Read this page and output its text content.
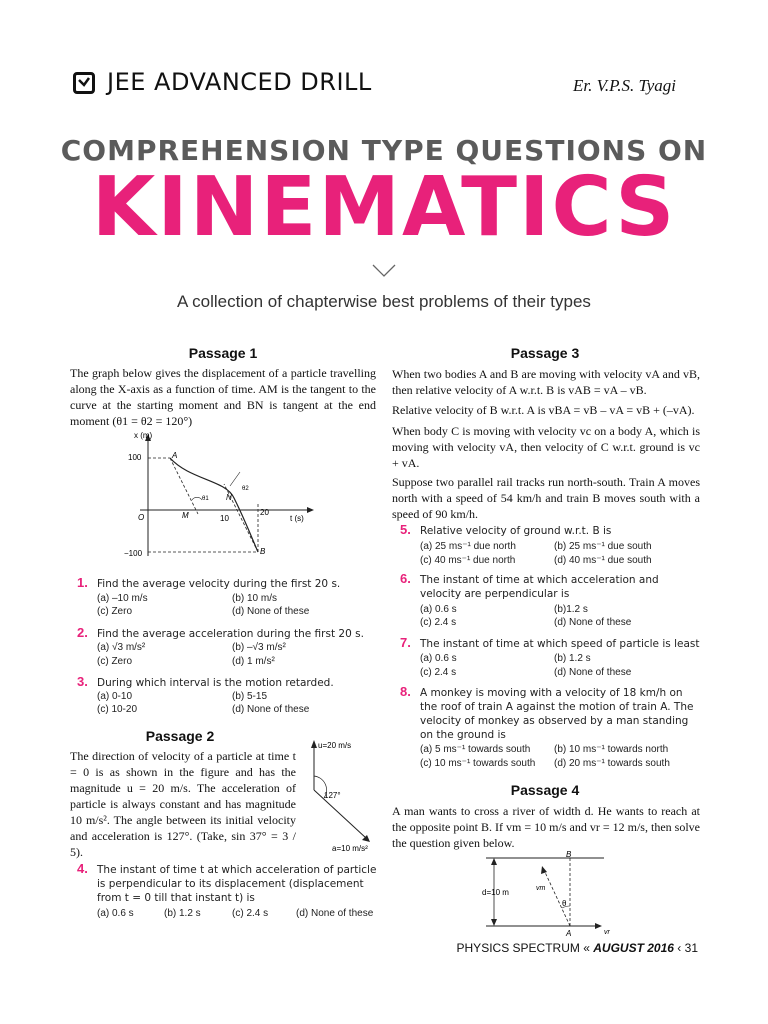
JEE ADVANCED DRILL	Er. V.P.S. Tyagi
COMPREHENSION TYPE QUESTIONS ON
KINEMATICS
A collection of chapterwise best problems of their types
Passage 1
The graph below gives the displacement of a particle travelling along the X-axis as a function of time. AM is the tangent to the curve at the starting moment and BN is tangent at the end moment (θ1 = θ2 = 120°)
x (m)
t (s)
100
−100
10
20
O
A
B
M
N
θ1
θ2
1. Find the average velocity during the first 20 s.
(a) –10 m/s	(b) 10 m/s
(c) Zero	(d) None of these
2. Find the average acceleration during the first 20 s.
(a) √3 m/s²	(b) –√3 m/s²
(c) Zero	(d) 1 m/s²
3. During which interval is the motion retarded.
(a) 0-10	(b) 5-15
(c) 10-20	(d) None of these
Passage 2
The direction of velocity of a particle at time t = 0 is as shown in the figure and has the magnitude u = 20 m/s. The acceleration of particle is always constant and has magnitude 10 m/s². The angle between its initial velocity and acceleration is 127°. (Take, sin 37° = 3 / 5).
u=20 m/s
127°
a=10 m/s²
4. The instant of time t at which acceleration of particle is perpendicular to its displacement (displacement from t = 0 till that instant t) is
(a) 0.6 s	(b) 1.2 s	(c) 2.4 s	(d) None of these
Passage 3
When two bodies A and B are moving with velocity vA and vB, then relative velocity of A w.r.t. B is vAB = vA – vB.
Relative velocity of B w.r.t. A is vBA = vB – vA = vB + (–vA).
When body C is moving with velocity vc on a body A, which is moving with velocity vA, then velocity of C w.r.t. ground is vc + vA.
Suppose two parallel rail tracks run north-south. Train A moves north with a speed of 54 km/h and train B moves south with a speed of 90 km/h.
5. Relative velocity of ground w.r.t. B is
(a) 25 ms⁻¹ due north	(b) 25 ms⁻¹ due south
(c) 40 ms⁻¹ due north	(d) 40 ms⁻¹ due south
6. The instant of time at which acceleration and velocity are perpendicular is
(a) 0.6 s	(b)1.2 s
(c) 2.4 s	(d) None of these
7. The instant of time at which speed of particle is least
(a) 0.6 s	(b) 1.2 s
(c) 2.4 s	(d) None of these
8. A monkey is moving with a velocity of 18 km/h on the roof of train A against the motion of train A. The velocity of monkey as observed by a man standing on the ground is
(a) 5 ms⁻¹ towards south (b) 10 ms⁻¹ towards north
(c) 10 ms⁻¹ towards south (d) 20 ms⁻¹ towards south
Passage 4
A man wants to cross a river of width d. He wants to reach at the opposite point B. If vm = 10 m/s and vr = 12 m/s, then solve the question given below.
B
A
d=10 m	vm
θ
vr
PHYSICS SPECTRUM « AUGUST 2016 ‹ 31
